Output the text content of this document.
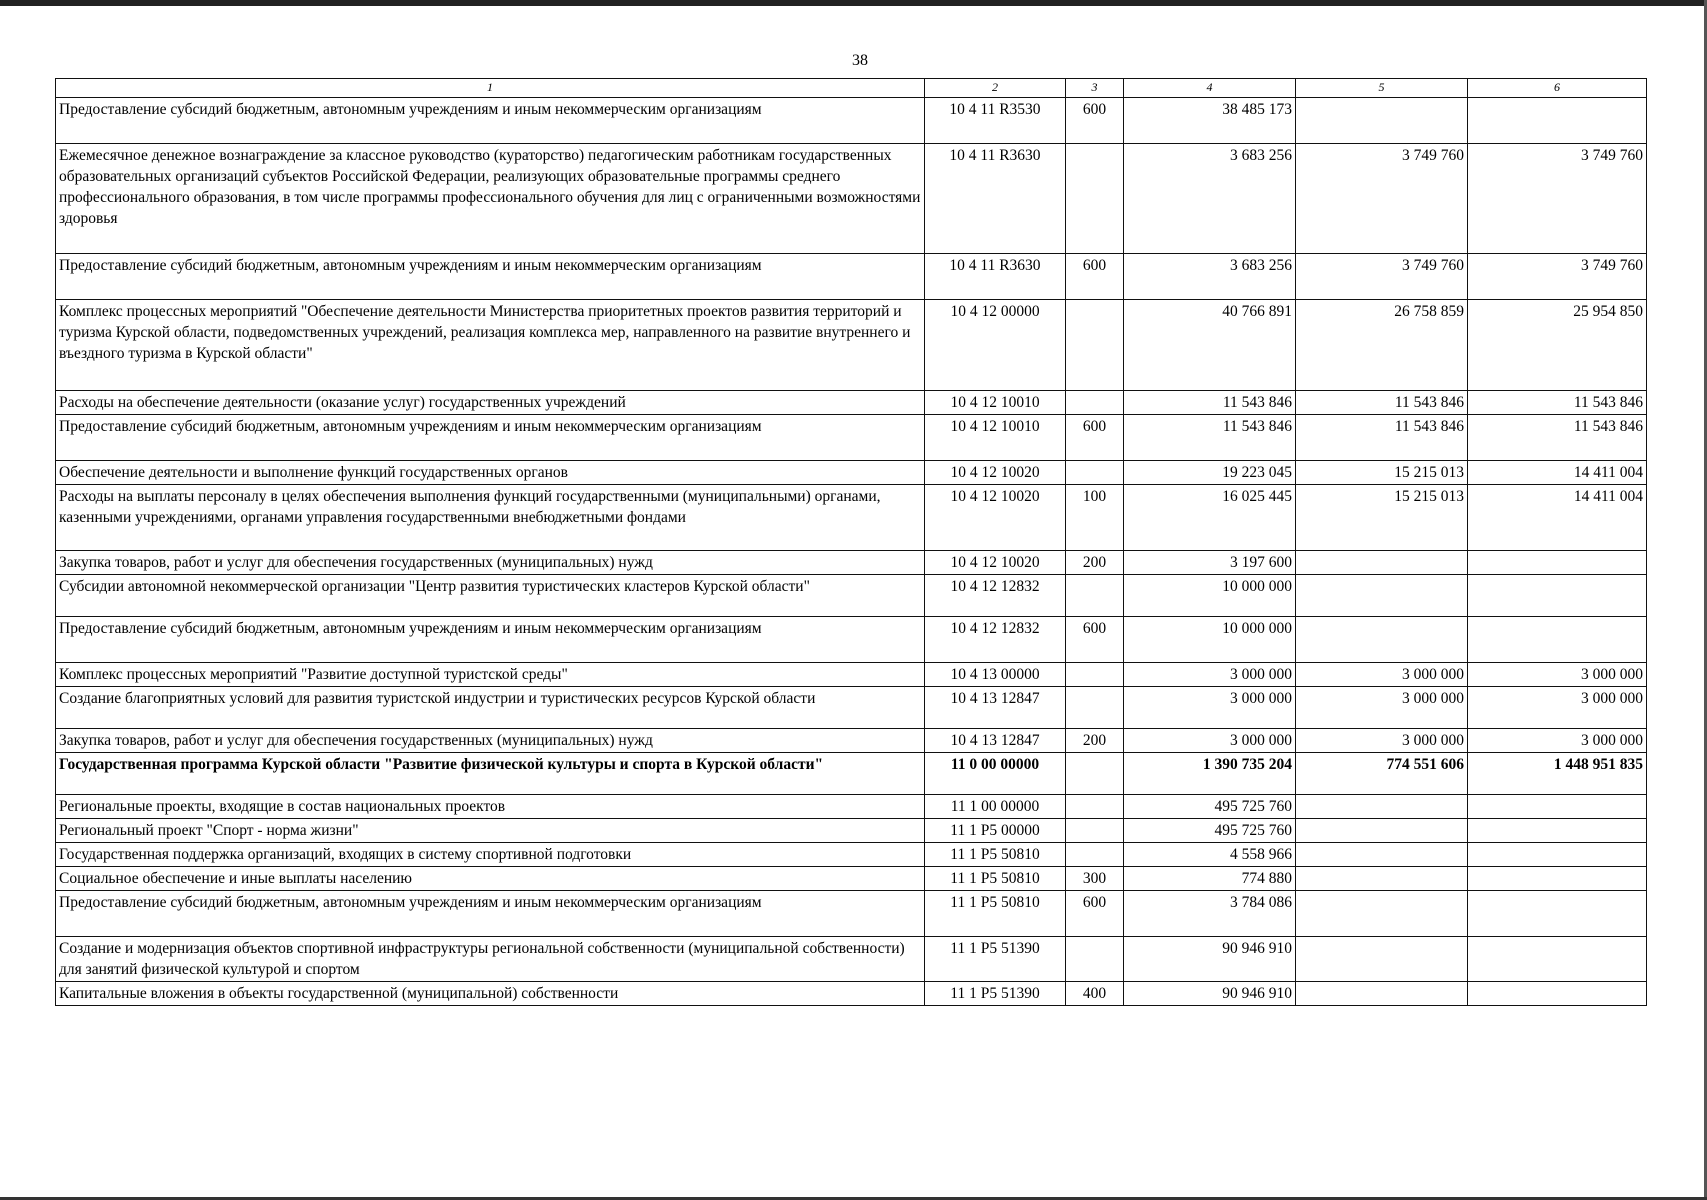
38
1	2	3	4	5	6
Предоставление субсидий бюджетным, автономным учреждениям и иным некоммерческим организациям	10 4 11 R3530	600	38 485 173		
Ежемесячное денежное вознаграждение за классное руководство (кураторство) педагогическим работникам государственных образовательных организаций субъектов Российской Федерации, реализующих образовательные программы среднего профессионального образования, в том числе программы профессионального обучения для лиц с ограниченными возможностями здоровья	10 4 11 R3630		3 683 256	3 749 760	3 749 760
Предоставление субсидий бюджетным, автономным учреждениям и иным некоммерческим организациям	10 4 11 R3630	600	3 683 256	3 749 760	3 749 760
Комплекс процессных мероприятий "Обеспечение деятельности Министерства приоритетных проектов развития территорий и туризма Курской области, подведомственных учреждений, реализация комплекса мер, направленного на развитие внутреннего и въездного туризма в Курской области"	10 4 12 00000		40 766 891	26 758 859	25 954 850
Расходы на обеспечение деятельности (оказание услуг) государственных учреждений	10 4 12 10010		11 543 846	11 543 846	11 543 846
Предоставление субсидий бюджетным, автономным учреждениям и иным некоммерческим организациям	10 4 12 10010	600	11 543 846	11 543 846	11 543 846
Обеспечение деятельности и выполнение функций государственных органов	10 4 12 10020		19 223 045	15 215 013	14 411 004
Расходы на выплаты персоналу в целях обеспечения выполнения функций государственными (муниципальными) органами, казенными учреждениями, органами управления государственными внебюджетными фондами	10 4 12 10020	100	16 025 445	15 215 013	14 411 004
Закупка товаров, работ и услуг для обеспечения государственных (муниципальных) нужд	10 4 12 10020	200	3 197 600		
Субсидии автономной некоммерческой организации "Центр развития туристических кластеров Курской области"	10 4 12 12832		10 000 000		
Предоставление субсидий бюджетным, автономным учреждениям и иным некоммерческим организациям	10 4 12 12832	600	10 000 000		
Комплекс процессных мероприятий "Развитие доступной туристской среды"	10 4 13 00000		3 000 000	3 000 000	3 000 000
Создание благоприятных условий для развития туристской индустрии и туристических ресурсов Курской области	10 4 13 12847		3 000 000	3 000 000	3 000 000
Закупка товаров, работ и услуг для обеспечения государственных (муниципальных) нужд	10 4 13 12847	200	3 000 000	3 000 000	3 000 000
Государственная программа Курской области "Развитие физической культуры и спорта в Курской области"	11 0 00 00000		1 390 735 204	774 551 606	1 448 951 835
Региональные проекты, входящие в состав национальных проектов	11 1 00 00000		495 725 760		
Региональный проект "Спорт - норма жизни"	11 1 P5 00000		495 725 760		
Государственная поддержка организаций, входящих в систему спортивной подготовки	11 1 P5 50810		4 558 966		
Социальное обеспечение и иные выплаты населению	11 1 P5 50810	300	774 880		
Предоставление субсидий бюджетным, автономным учреждениям и иным некоммерческим организациям	11 1 P5 50810	600	3 784 086		
Создание и модернизация объектов спортивной инфраструктуры региональной собственности (муниципальной собственности) для занятий физической культурой и спортом	11 1 P5 51390		90 946 910		
Капитальные вложения в объекты государственной (муниципальной) собственности	11 1 P5 51390	400	90 946 910		
